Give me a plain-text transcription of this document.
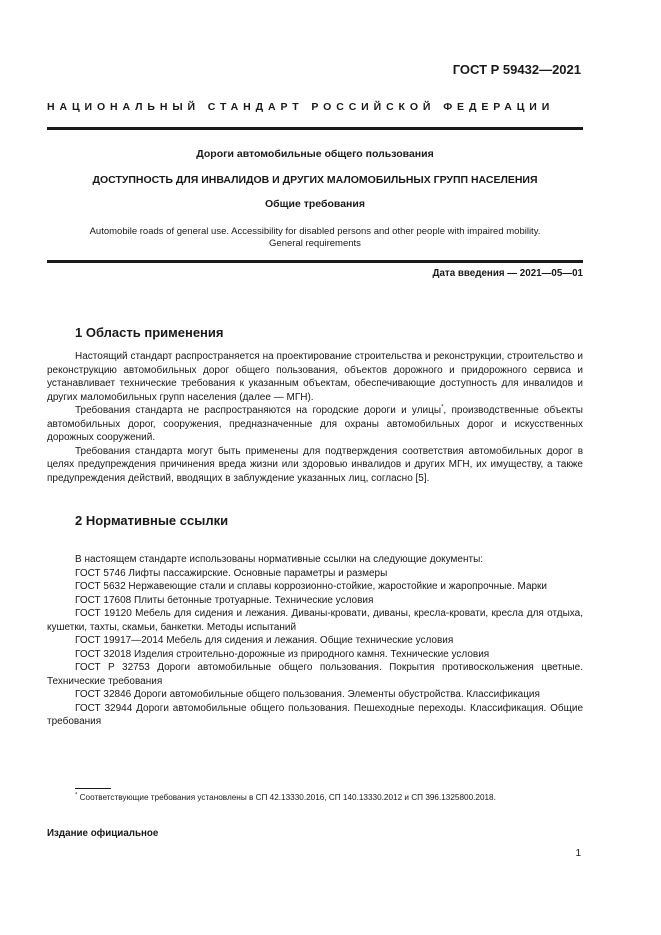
ГОСТ Р 59432—2021
НАЦИОНАЛЬНЫЙ СТАНДАРТ РОССИЙСКОЙ ФЕДЕРАЦИИ
Дороги автомобильные общего пользования
ДОСТУПНОСТЬ ДЛЯ ИНВАЛИДОВ И ДРУГИХ МАЛОМОБИЛЬНЫХ ГРУПП НАСЕЛЕНИЯ
Общие требования
Automobile roads of general use. Accessibility for disabled persons and other people with impaired mobility.
General requirements
Дата введения — 2021—05—01
1 Область применения

Настоящий стандарт распространяется на проектирование строительства и реконструкции, строительство и реконструкцию автомобильных дорог общего пользования, объектов дорожного и придорожного сервиса и устанавливает технические требования к указанным объектам, обеспечивающие доступность для инвалидов и других маломобильных групп населения (далее — МГН).

Требования стандарта не распространяются на городские дороги и улицы*, производственные объекты автомобильных дорог, сооружения, предназначенные для охраны автомобильных дорог и искусственных дорожных сооружений.

Требования стандарта могут быть применены для подтверждения соответствия автомобильных дорог в целях предупреждения причинения вреда жизни или здоровью инвалидов и других МГН, их имуществу, а также предупреждения действий, вводящих в заблуждение указанных лиц, согласно [5].

2 Нормативные ссылки

В настоящем стандарте использованы нормативные ссылки на следующие документы:

ГОСТ 5746 Лифты пассажирские. Основные параметры и размеры

ГОСТ 5632 Нержавеющие стали и сплавы коррозионно-стойкие, жаростойкие и жаропрочные. Марки

ГОСТ 17608 Плиты бетонные тротуарные. Технические условия

ГОСТ 19120 Мебель для сидения и лежания. Диваны-кровати, диваны, кресла-кровати, кресла для отдыха, кушетки, тахты, скамьи, банкетки. Методы испытаний

ГОСТ 19917—2014 Мебель для сидения и лежания. Общие технические условия

ГОСТ 32018 Изделия строительно-дорожные из природного камня. Технические условия

ГОСТ Р 32753 Дороги автомобильные общего пользования. Покрытия противоскольжения цветные. Технические требования

ГОСТ 32846 Дороги автомобильные общего пользования. Элементы обустройства. Классификация

ГОСТ 32944 Дороги автомобильные общего пользования. Пешеходные переходы. Классификация. Общие требования

* Соответствующие требования установлены в СП 42.13330.2016, СП 140.13330.2012 и СП 396.1325800.2018.
Издание официальное
1
